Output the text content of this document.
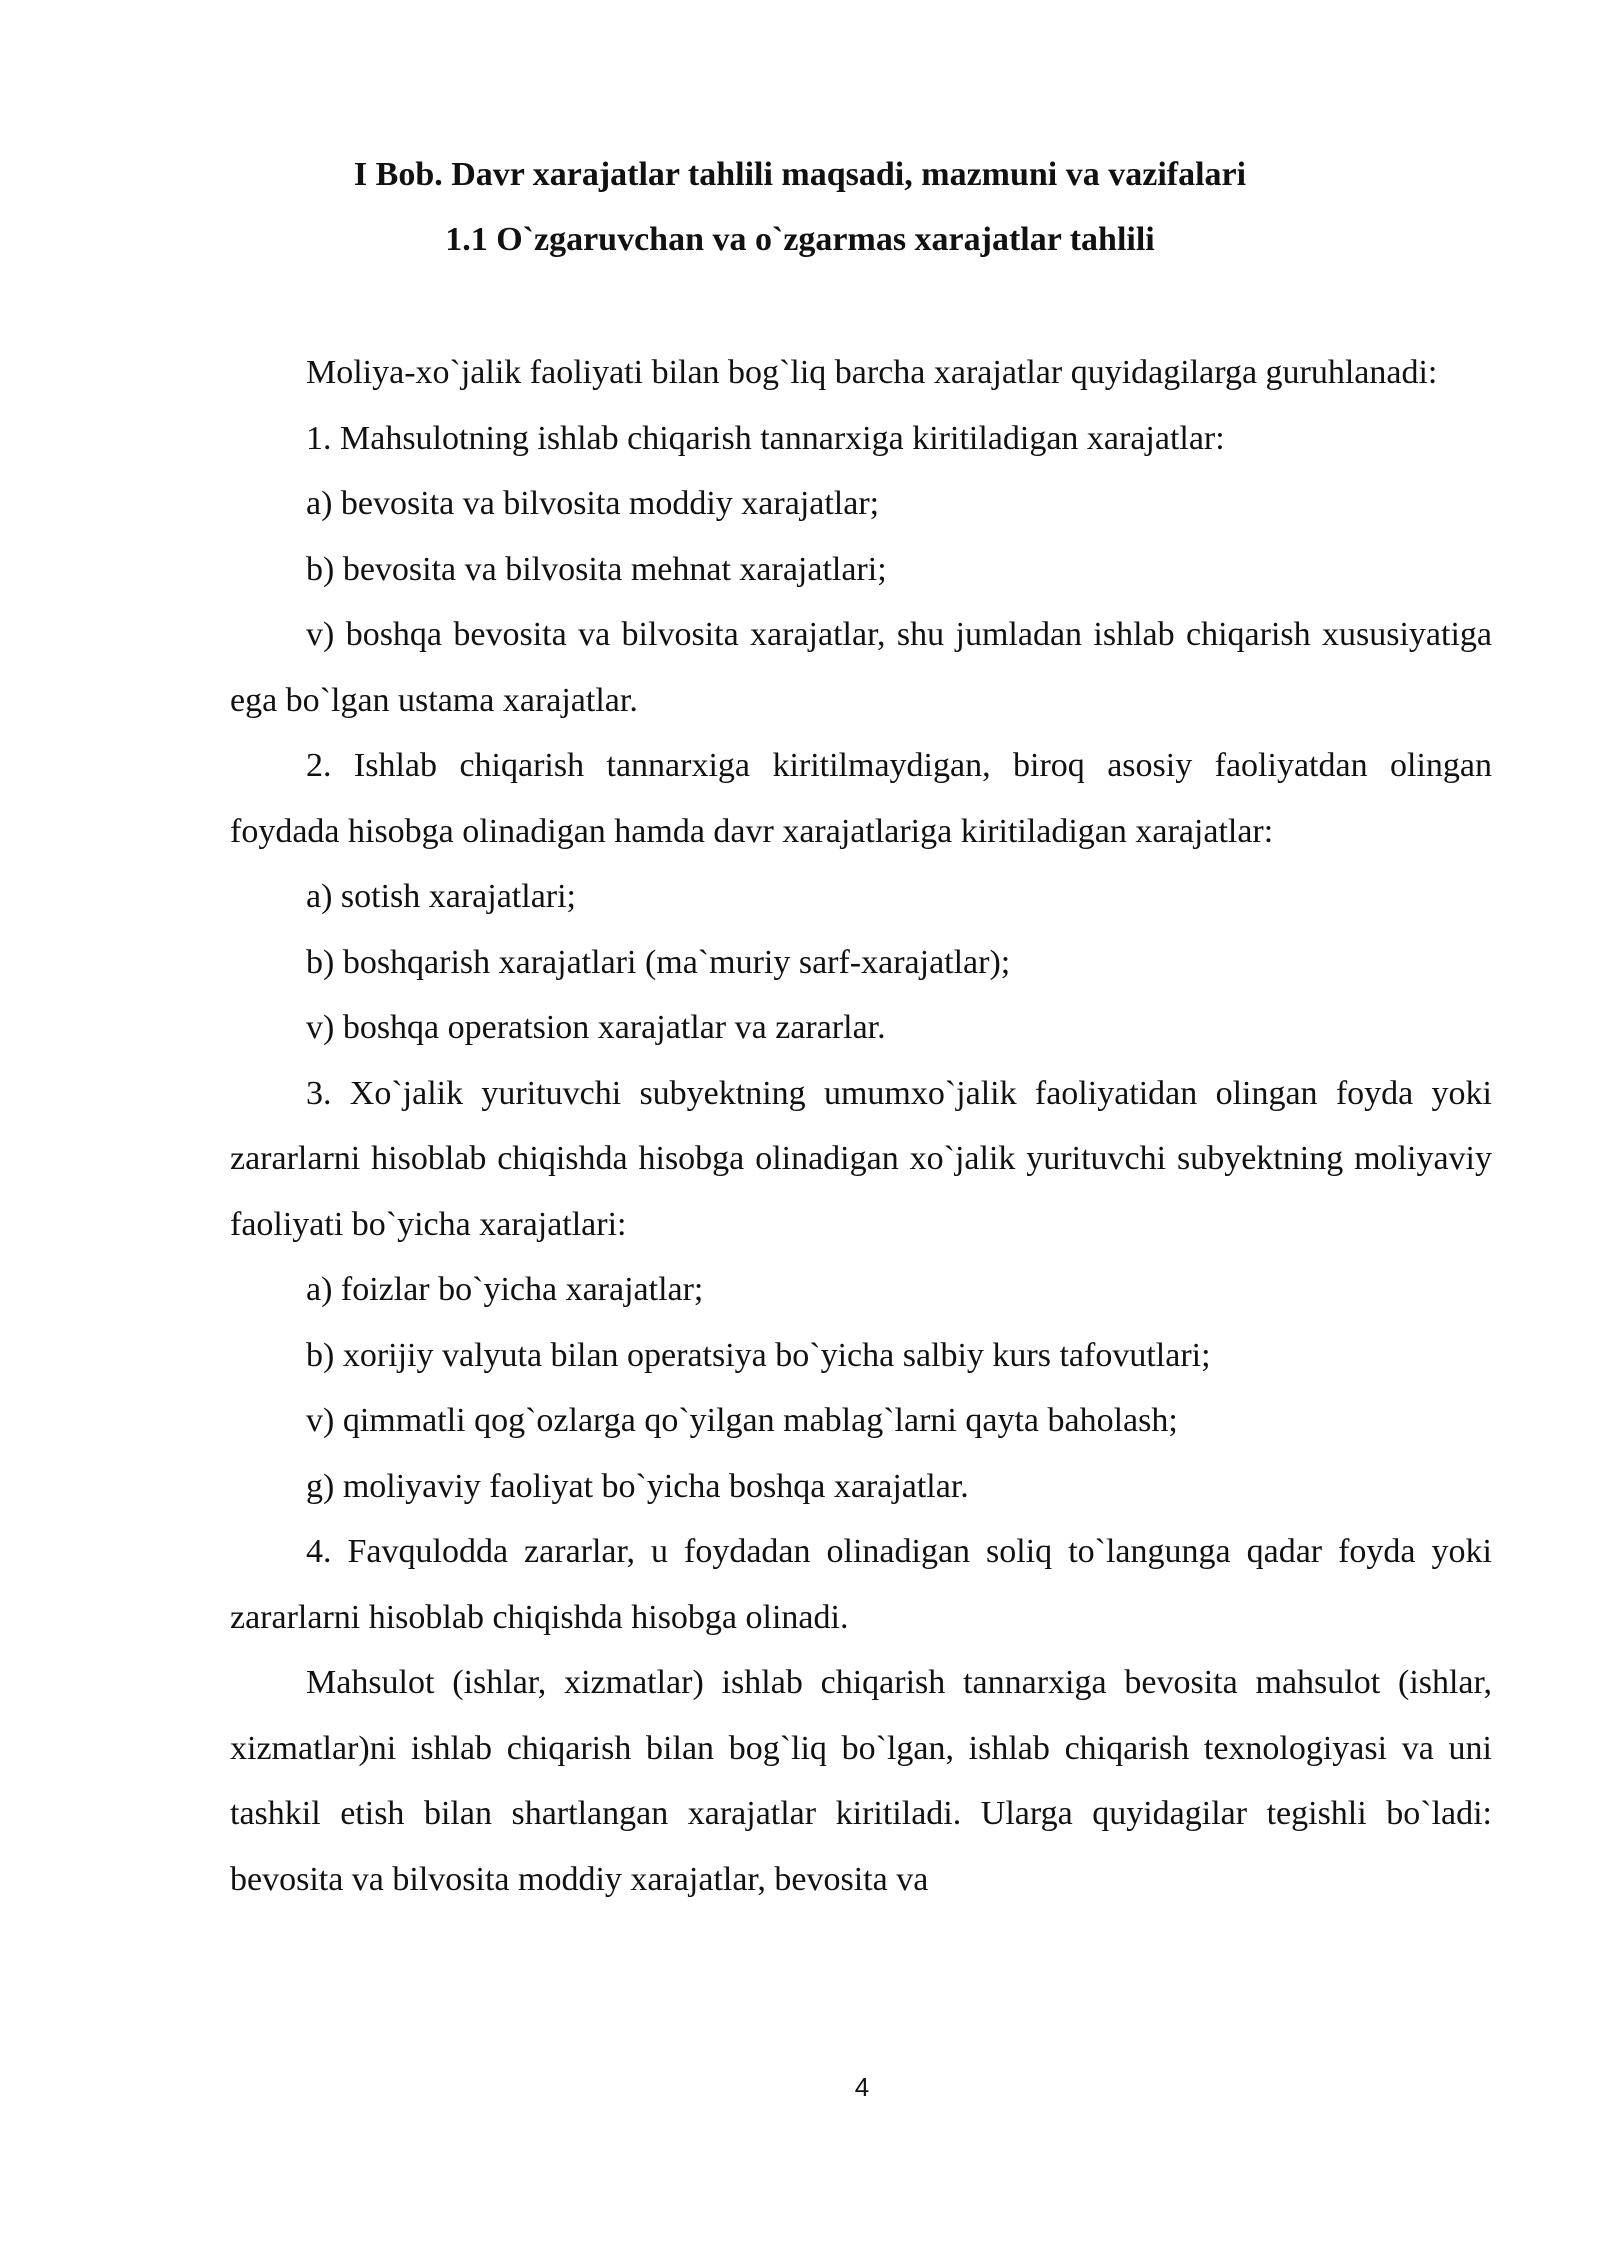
I Bob. Davr xarajatlar tahlili maqsadi, mazmuni va vazifalari
1.1 O`zgaruvchan va o`zgarmas xarajatlar tahlili

Moliya-xo`jalik faoliyati bilan bog`liq barcha xarajatlar quyidagilarga guruhlanadi:

1. Mahsulotning ishlab chiqarish tannarxiga kiritiladigan xarajatlar:

a) bevosita va bilvosita moddiy xarajatlar;

b) bevosita va bilvosita mehnat xarajatlari;

v) boshqa bevosita va bilvosita xarajatlar, shu jumladan ishlab chiqarish xususiyatiga ega bo`lgan ustama xarajatlar.

2. Ishlab chiqarish tannarxiga kiritilmaydigan, biroq asosiy faoliyatdan olingan foydada hisobga olinadigan hamda davr xarajatlariga kiritiladigan xarajatlar:

a) sotish xarajatlari;

b) boshqarish xarajatlari (ma`muriy sarf-xarajatlar);

v) boshqa operatsion xarajatlar va zararlar.

3. Xo`jalik yurituvchi subyektning umumxo`jalik faoliyatidan olingan foyda yoki zararlarni hisoblab chiqishda hisobga olinadigan xo`jalik yurituvchi subyektning moliyaviy faoliyati bo`yicha xarajatlari:

a) foizlar bo`yicha xarajatlar;

b) xorijiy valyuta bilan operatsiya bo`yicha salbiy kurs tafovutlari;

v) qimmatli qog`ozlarga qo`yilgan mablag`larni qayta baholash;

g) moliyaviy faoliyat bo`yicha boshqa xarajatlar.

4. Favqulodda zararlar, u foydadan olinadigan soliq to`langunga qadar foyda yoki zararlarni hisoblab chiqishda hisobga olinadi.

Mahsulot (ishlar, xizmatlar) ishlab chiqarish tannarxiga bevosita mahsulot (ishlar, xizmatlar)ni ishlab chiqarish bilan bog`liq bo`lgan, ishlab chiqarish texnologiyasi va uni tashkil etish bilan shartlangan xarajatlar kiritiladi. Ularga quyidagilar tegishli bo`ladi: bevosita va bilvosita moddiy xarajatlar, bevosita va

4
